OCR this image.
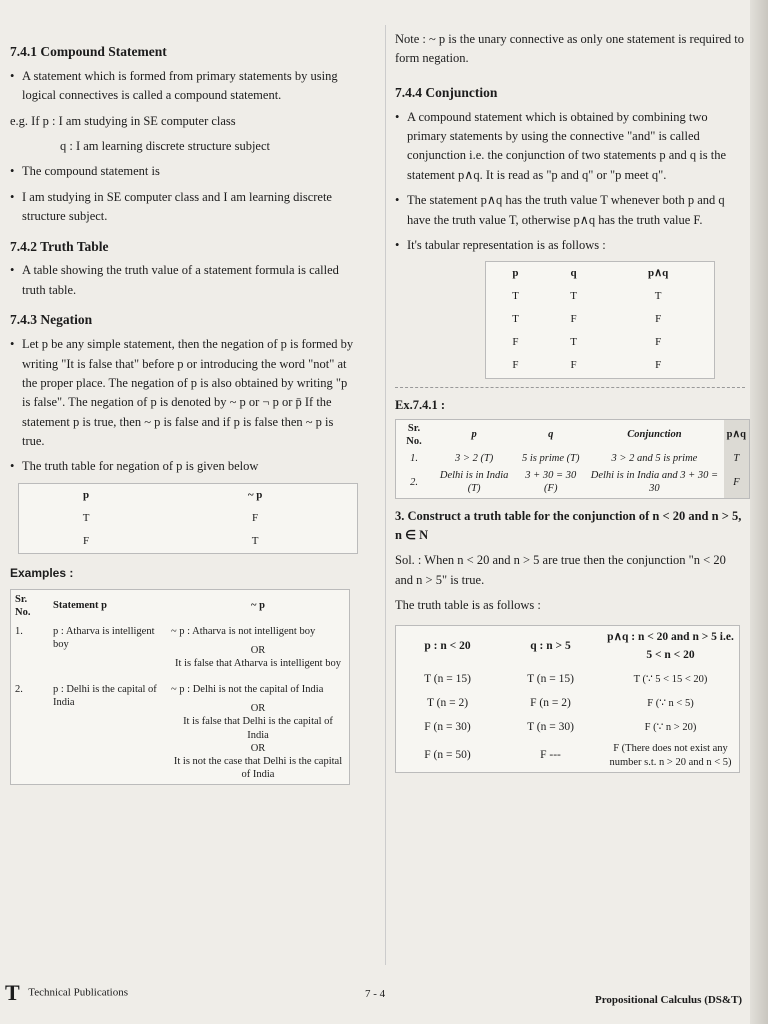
7.4.1 Compound Statement
• A statement which is formed from primary statements by using logical connectives is called a compound statement.
e.g. If p : I am studying in SE computer class
q : I am learning discrete structure subject
• The compound statement is
• I am studying in SE computer class and I am learning discrete structure subject.
7.4.2 Truth Table
• A table showing the truth value of a statement formula is called truth table.
7.4.3 Negation
• Let p be any simple statement, then the negation of p is formed by writing "It is false that" before p or introducing the word "not" at the proper place. The negation of p is also obtained by writing "p is false". The negation of p is denoted by ~ p or ¬ p or p̄ If the statement p is true, then ~ p is false and if p is false then ~ p is true.
• The truth table for negation of p is given below
p	~ p
T	F
F	T
Examples :
Sr. No.	Statement p	~ p
1.	p : Atharva is intelligent boy	~ p : Atharva is not intelligent boy
OR
It is false that Atharva is intelligent boy

2.	p : Delhi is the capital of India	~ p : Delhi is not the capital of India
OR
It is false that Delhi is the capital of India
OR
It is not the case that Delhi is the capital of India
Note : ~ p is the unary connective as only one statement is required to form negation.
7.4.4 Conjunction
• A compound statement which is obtained by combining two primary statements by using the connective "and" is called conjunction i.e. the conjunction of two statements p and q is the statement p∧q. It is read as "p and q" or "p meet q".
• The statement p∧q has the truth value T whenever both p and q have the truth value T, otherwise p∧q has the truth value F.
• It's tabular representation is as follows :
p	q	p∧q
T	T	T
T	F	F
F	T	F
F	F	F
Ex.7.4.1 :
Sr. No.	p	q	Conjunction	p∧q
1.	3 > 2 (T)	5 is prime (T)	3 > 2 and 5 is prime	T
2.	Delhi is in India (T)	3 + 30 = 30 (F)	Delhi is in India and 3 + 30 = 30	F
3. Construct a truth table for the conjunction of n < 20 and n > 5, n ∈ N
Sol. : When n < 20 and n > 5 are true then the conjunction "n < 20 and n > 5" is true.
The truth table is as follows :
p : n < 20	q : n > 5	p∧q : n < 20 and n > 5 i.e. 5 < n < 20
T (n = 15)	T (n = 15)	T (∵ 5 < 15 < 20)
T (n = 2)	F (n = 2)	F (∵ n < 5)
F (n = 30)	T (n = 30)	F (∵ n > 20)
F (n = 50)	F ---	F (There does not exist any number s.t. n > 20 and n < 5)
T Technical Publications	7 - 4	Propositional Calculus (DS&T)
